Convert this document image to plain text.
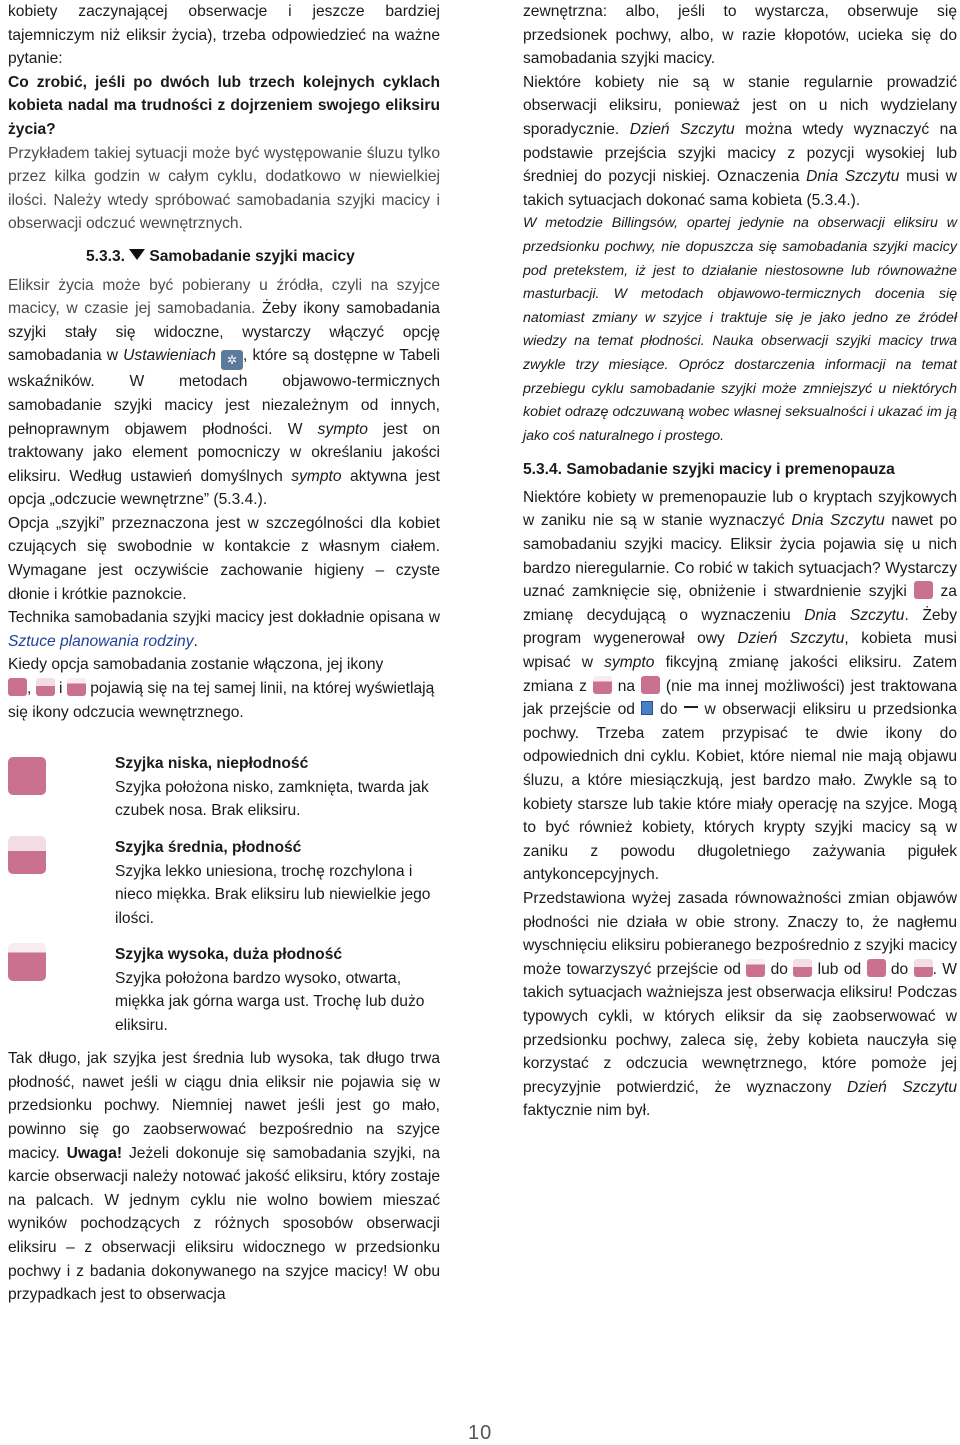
kobiety zaczynającej obserwacje i jeszcze bardziej tajemniczym niż eliksir życia), trzeba odpowiedzieć na ważne pytanie:

Co zrobić, jeśli po dwóch lub trzech kolejnych cyklach kobieta nadal ma trudności z dojrzeniem swojego eliksiru życia?

Przykładem takiej sytuacji może być występowanie śluzu tylko przez kilka godzin w całym cyklu, dodatkowo w niewielkiej ilości. Należy wtedy spróbować samobadania szyjki macicy i obserwacji odczuć wewnętrznych.

5.3.3. Samobadanie szyjki macicy

Eliksir życia może być pobierany u źródła, czyli na szyjce macicy, w czasie jej samobadania. Żeby ikony samobadania szyjki stały się widoczne, wystarczy włączyć opcję samobadania w Ustawieniach ✲ , które są dostępne w Tabeli wskaźników. W metodach objawowo-termicznych samobadanie szyjki macicy jest niezależnym od innych, pełnoprawnym objawem płodności. W sympto jest on traktowany jako element pomocniczy w określaniu jakości eliksiru. Według ustawień domyślnych sympto aktywna jest opcja „odczucie wewnętrzne” (5.3.4.).

Opcja „szyjki” przeznaczona jest w szczególności dla kobiet czujących się swobodnie w kontakcie z własnym ciałem. Wymagane jest oczywiście zachowanie higieny – czyste dłonie i krótkie paznokcie.

Technika samobadania szyjki macicy jest dokładnie opisana w Sztuce planowania rodziny.

Kiedy opcja samobadania zostanie włączona, jej ikony
, i pojawią się na tej samej linii, na której wyświetlają się ikony odczucia wewnętrznego.

Szyjka niska, niepłodność
Szyjka położona nisko, zamknięta, twarda jak czubek nosa. Brak eliksiru.
Szyjka średnia, płodność
Szyjka lekko uniesiona, trochę rozchylona i nieco miękka. Brak eliksiru lub niewielkie jego ilości.
Szyjka wysoka, duża płodność
Szyjka położona bardzo wysoko, otwarta, miękka jak górna warga ust. Trochę lub dużo eliksiru.

Tak długo, jak szyjka jest średnia lub wysoka, tak długo trwa płodność, nawet jeśli w ciągu dnia eliksir nie pojawia się w przedsionku pochwy. Niemniej nawet jeśli jest go mało, powinno się go zaobserwować bezpośrednio na szyjce macicy. Uwaga! Jeżeli dokonuje się samobadania szyjki, na karcie obserwacji należy notować jakość eliksiru, który zostaje na palcach. W jednym cyklu nie wolno bowiem mieszać wyników pochodzących z różnych sposobów obserwacji eliksiru – z obserwacji eliksiru widocznego w przedsionku pochwy i z badania dokonywanego na szyjce macicy! W obu przypadkach jest to obserwacja

zewnętrzna: albo, jeśli to wystarcza, obserwuje się przedsionek pochwy, albo, w razie kłopotów, ucieka się do samobadania szyjki macicy.

Niektóre kobiety nie są w stanie regularnie prowadzić obserwacji eliksiru, ponieważ jest on u nich wydzielany sporadycznie. Dzień Szczytu można wtedy wyznaczyć na podstawie przejścia szyjki macicy z pozycji wysokiej lub średniej do pozycji niskiej. Oznaczenia Dnia Szczytu musi w takich sytuacjach dokonać sama kobieta (5.3.4.).

W metodzie Billingsów, opartej jedynie na obserwacji eliksiru w przedsionku pochwy, nie dopuszcza się samobadania szyjki macicy pod pretekstem, iż jest to działanie niestosowne lub równoważne masturbacji. W metodach objawowo-termicznych docenia się natomiast zmiany w szyjce i traktuje się je jako jedno ze źródeł wiedzy na temat płodności. Nauka obserwacji szyjki macicy trwa zwykle trzy miesiące. Oprócz dostarczenia informacji na temat przebiegu cyklu samobadanie szyjki może zmniejszyć u niektórych kobiet odrazę odczuwaną wobec własnej seksualności i ukazać im ją jako coś naturalnego i prostego.

5.3.4. Samobadanie szyjki macicy i premenopauza

Niektóre kobiety w premenopauzie lub o kryptach szyjkowych w zaniku nie są w stanie wyznaczyć Dnia Szczytu nawet po samobadaniu szyjki macicy. Eliksir życia pojawia się u nich bardzo nieregularnie. Co robić w takich sytuacjach? Wystarczy uznać zamknięcie się, obniżenie i stwardnienie szyjki za zmianę decydującą o wyznaczeniu Dnia Szczytu. Żeby program wygenerował owy Dzień Szczytu, kobieta musi wpisać w sympto fikcyjną zmianę jakości eliksiru. Zatem zmiana z na (nie ma innej możliwości) jest traktowana jak przejście od do w obserwacji eliksiru u przedsionka pochwy. Trzeba zatem przypisać te dwie ikony do odpowiednich dni cyklu. Kobiet, które niemal nie mają objawu śluzu, a które miesiączkują, jest bardzo mało. Zwykle są to kobiety starsze lub takie które miały operację na szyjce. Mogą to być również kobiety, których krypty szyjki macicy są w zaniku z powodu długoletniego zażywania pigułek antykoncepcyjnych.

Przedstawiona wyżej zasada równoważności zmian objawów płodności nie działa w obie strony. Znaczy to, że nagłemu wyschnięciu eliksiru pobieranego bezpośrednio z szyjki macicy może towarzyszyć przejście od do lub od do . W takich sytuacjach ważniejsza jest obserwacja eliksiru! Podczas typowych cykli, w których eliksir da się zaobserwować w przedsionku pochwy, zaleca się, żeby kobieta nauczyła się korzystać z odczucia wewnętrznego, które pomoże jej precyzyjnie potwierdzić, że wyznaczony Dzień Szczytu faktycznie nim był.

10
